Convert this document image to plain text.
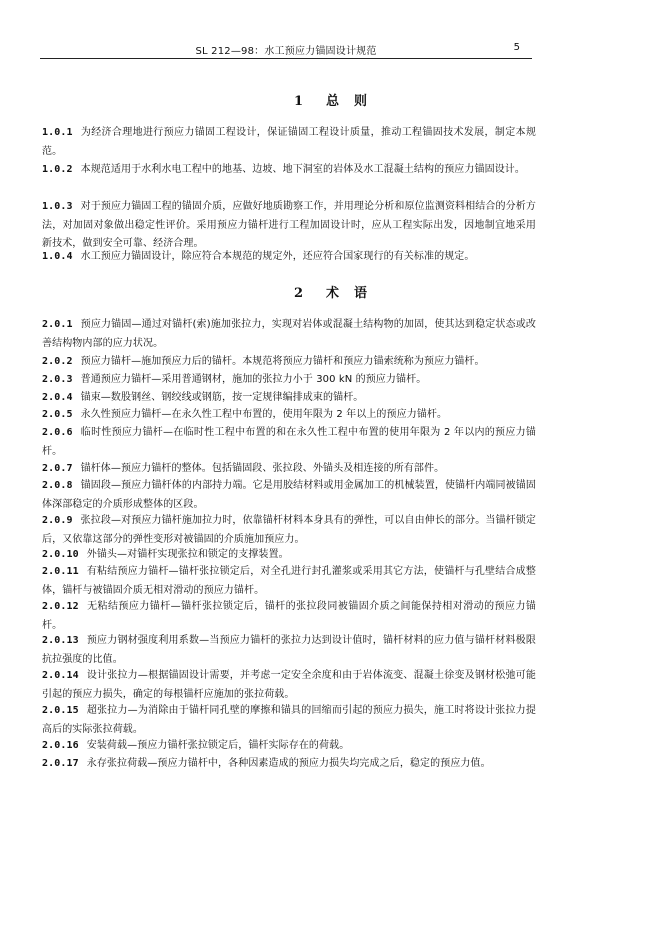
SL 212—98：水工预应力锚固设计规范	5
1 总　则
1.0.1 为经济合理地进行预应力锚固工程设计，保证锚固工程设计质量，推动工程锚固技术发展，制定本规范。
1.0.2 本规范适用于水利水电工程中的地基、边坡、地下洞室的岩体及水工混凝土结构的预应力锚固设计。
1.0.3 对于预应力锚固工程的锚固介质，应做好地质勘察工作，并用理论分析和原位监测资料相结合的分析方法，对加固对象做出稳定性评价。采用预应力锚杆进行工程加固设计时，应从工程实际出发，因地制宜地采用新技术，做到安全可靠、经济合理。
1.0.4 水工预应力锚固设计，除应符合本规范的规定外，还应符合国家现行的有关标准的规定。
2 术　语
2.0.1 预应力锚固—通过对锚杆(索)施加张拉力，实现对岩体或混凝土结构物的加固，使其达到稳定状态或改善结构物内部的应力状况。
2.0.2 预应力锚杆—施加预应力后的锚杆。本规范将预应力锚杆和预应力锚索统称为预应力锚杆。
2.0.3 普通预应力锚杆—采用普通钢材，施加的张拉力小于 300 kN 的预应力锚杆。
2.0.4 锚束—数股钢丝、钢绞线或钢筋，按一定规律编排成束的锚杆。
2.0.5 永久性预应力锚杆—在永久性工程中布置的，使用年限为 2 年以上的预应力锚杆。
2.0.6 临时性预应力锚杆—在临时性工程中布置的和在永久性工程中布置的使用年限为 2 年以内的预应力锚杆。
2.0.7 锚杆体—预应力锚杆的整体。包括锚固段、张拉段、外锚头及相连接的所有部件。
2.0.8 锚固段—预应力锚杆体的内部持力端。它是用胶结材料或用金属加工的机械装置，使锚杆内端同被锚固体深部稳定的介质形成整体的区段。
2.0.9 张拉段—对预应力锚杆施加拉力时，依靠锚杆材料本身具有的弹性，可以自由伸长的部分。当锚杆锁定后，又依靠这部分的弹性变形对被锚固的介质施加预应力。
2.0.10 外锚头—对锚杆实现张拉和锁定的支撑装置。
2.0.11 有粘结预应力锚杆—锚杆张拉锁定后，对全孔进行封孔灌浆或采用其它方法，使锚杆与孔壁结合成整体，锚杆与被锚固介质无相对滑动的预应力锚杆。
2.0.12 无粘结预应力锚杆—锚杆张拉锁定后，锚杆的张拉段同被锚固介质之间能保持相对滑动的预应力锚杆。
2.0.13 预应力钢材强度利用系数—当预应力锚杆的张拉力达到设计值时，锚杆材料的应力值与锚杆材料极限抗拉强度的比值。
2.0.14 设计张拉力—根据锚固设计需要，并考虑一定安全余度和由于岩体流变、混凝土徐变及钢材松弛可能引起的预应力损失，确定的每根锚杆应施加的张拉荷载。
2.0.15 超张拉力—为消除由于锚杆同孔壁的摩擦和锚具的回缩而引起的预应力损失，施工时将设计张拉力提高后的实际张拉荷载。
2.0.16 安装荷载—预应力锚杆张拉锁定后，锚杆实际存在的荷载。
2.0.17 永存张拉荷载—预应力锚杆中，各种因素造成的预应力损失均完成之后，稳定的预应力值。
